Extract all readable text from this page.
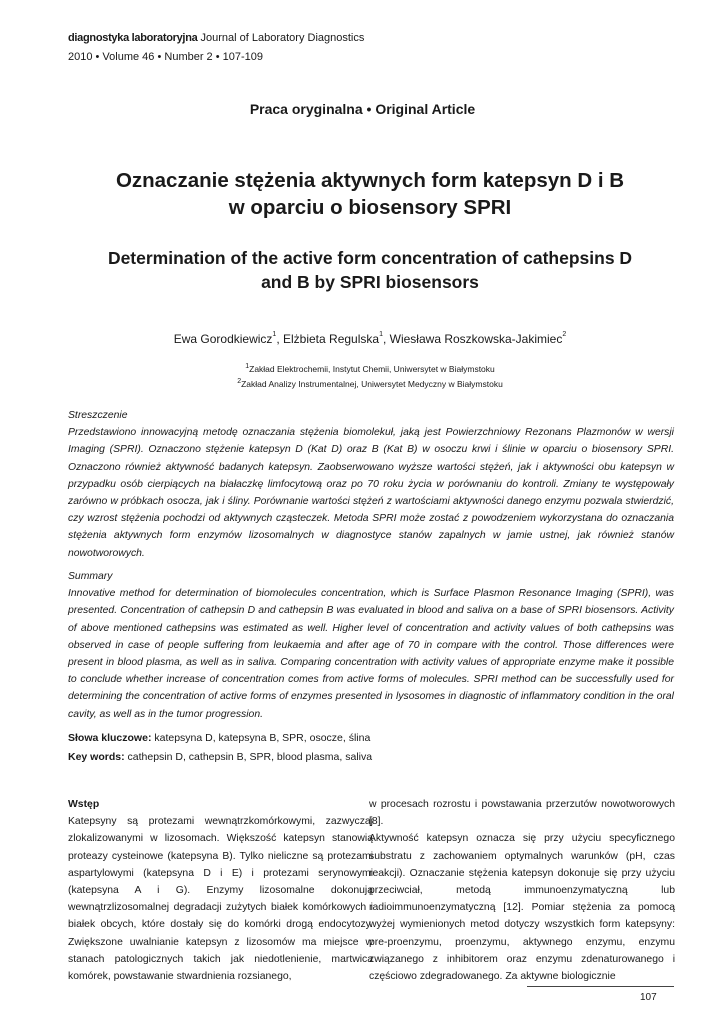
diagnostyka laboratoryjna Journal of Laboratory Diagnostics
2010 • Volume 46 • Number 2 • 107-109
Praca oryginalna • Original Article
Oznaczanie stężenia aktywnych form katepsyn D i B
w oparciu o biosensory SPRI
Determination of the active form concentration of cathepsins D
and B by SPRI biosensors
Ewa Gorodkiewicz$^1$, Elżbieta Regulska$^1$, Wiesława Roszkowska-Jakimiec$^2$
$^1$Zakład Elektrochemii, Instytut Chemii, Uniwersytet w Białymstoku
$^2$Zakład Analizy Instrumentalnej, Uniwersytet Medyczny w Białymstoku
Streszczenie
Przedstawiono innowacyjną metodę oznaczania stężenia biomolekuł, jaką jest Powierzchniowy Rezonans Plazmonów w wersji Imaging (SPRI). Oznaczono stężenie katepsyn D (Kat D) oraz B (Kat B) w osoczu krwi i ślinie w oparciu o biosensory SPRI. Oznaczono również aktywność badanych katepsyn. Zaobserwowano wyższe wartości stężeń, jak i aktywności obu katepsyn w przypadku osób cierpiących na białaczkę limfocytową oraz po 70 roku życia w porównaniu do kontroli. Zmiany te występowały zarówno w próbkach osocza, jak i śliny. Porównanie wartości stężeń z wartościami aktywności danego enzymu pozwala stwierdzić, czy wzrost stężenia pochodzi od aktywnych cząsteczek. Metoda SPRI może zostać z powodzeniem wykorzystana do oznaczania stężenia aktywnych form enzymów lizosomalnych w diagnostyce stanów zapalnych w jamie ustnej, jak również stanów nowotworowych.
Summary
Innovative method for determination of biomolecules concentration, which is Surface Plasmon Resonance Imaging (SPRI), was presented. Concentration of cathepsin D and cathepsin B was evaluated in blood and saliva on a base of SPRI biosensors. Activity of above mentioned cathepsins was estimated as well. Higher level of concentration and activity values of both cathepsins was observed in case of people suffering from leukaemia and after age of 70 in compare with the control. Those differences were present in blood plasma, as well as in saliva. Comparing concentration with activity values of appropriate enzyme make it possible to conclude whether increase of concentration comes from active forms of molecules. SPRI method can be successfully used for determining the concentration of active forms of enzymes presented in lysosomes in diagnostic of inflammatory condition in the oral cavity, as well as in the tumor progression.
Słowa kluczowe: katepsyna D, katepsyna B, SPR, osocze, ślina
Key words: cathepsin D, cathepsin B, SPR, blood plasma, saliva
Wstęp
Katepsyny są protezami wewnątrzkomórkowymi, zazwyczaj zlokalizowanymi w lizosomach. Większość katepsyn stanowią proteazy cysteinowe (katepsyna B). Tylko nieliczne są protezami aspartylowymi (katepsyna D i E) i protezami serynowymi (katepsyna A i G). Enzymy lizosomalne dokonują wewnątrzlizosomalnej degradacji zużytych białek komórkowych i białek obcych, które dostały się do komórki drogą endocytozy. Zwiększone uwalnianie katepsyn z lizosomów ma miejsce w stanach patologicznych takich jak niedotlenienie, martwica komórek, powstawanie stwardnienia rozsianego,
w procesach rozrostu i powstawania przerzutów nowotworowych [8].
Aktywność katepsyn oznacza się przy użyciu specyficznego substratu z zachowaniem optymalnych warunków (pH, czas reakcji). Oznaczanie stężenia katepsyn dokonuje się przy użyciu przeciwciał, metodą immunoenzymatyczną lub radioimmunoenzymatyczną [12]. Pomiar stężenia za pomocą wyżej wymienionych metod dotyczy wszystkich form katepsyny: pre-proenzymu, proenzymu, aktywnego enzymu, enzymu związanego z inhibitorem oraz enzymu zdenaturowanego i częściowo zdegradowanego. Za aktywne biologicznie
107
